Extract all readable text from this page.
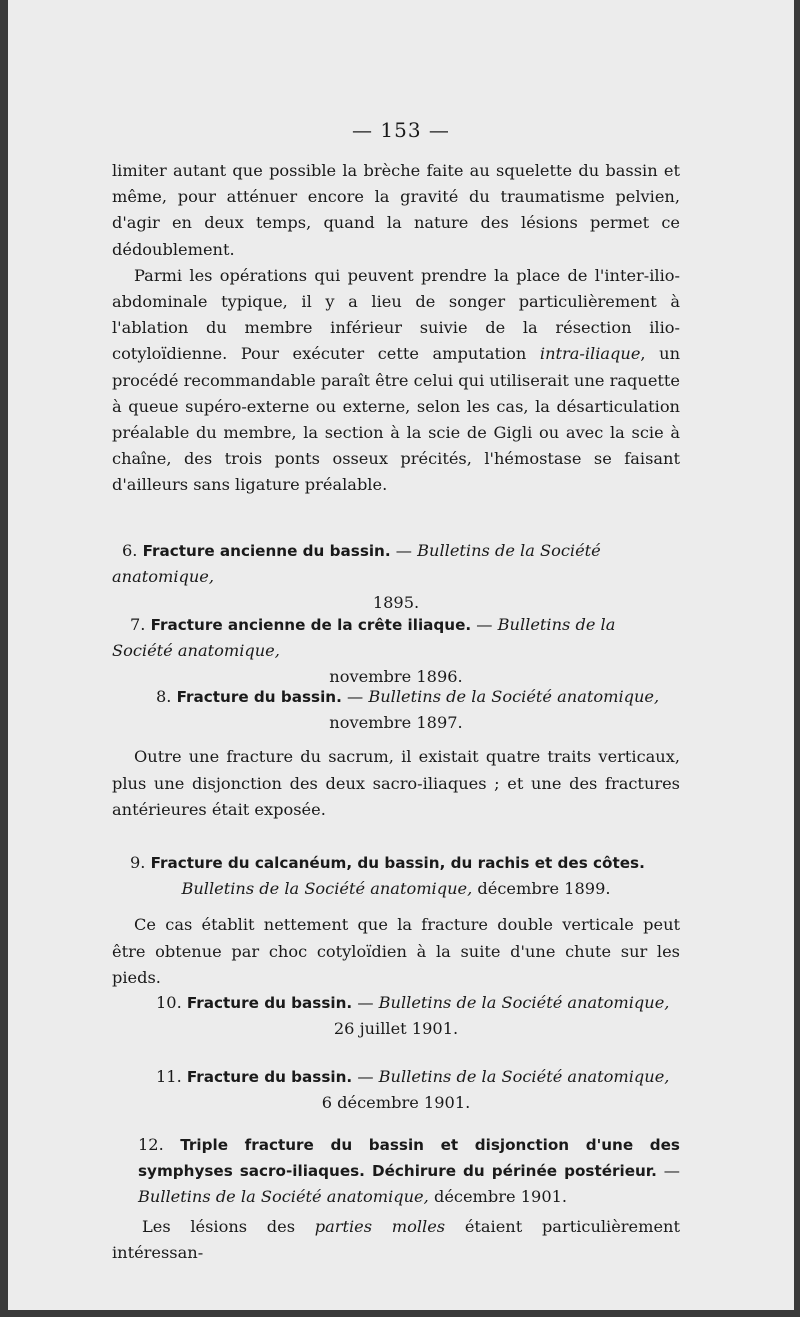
— 153 —

limiter autant que possible la brèche faite au squelette du bassin et même, pour atténuer encore la gravité du traumatisme pelvien, d'agir en deux temps, quand la nature des lésions permet ce dédoublement.

Parmi les opérations qui peuvent prendre la place de l'inter-ilio-abdominale typique, il y a lieu de songer particulièrement à l'ablation du membre inférieur suivie de la résection ilio-cotyloïdienne. Pour exécuter cette amputation intra-iliaque, un procédé recommandable paraît être celui qui utiliserait une raquette à queue supéro-externe ou externe, selon les cas, la désarticulation préalable du membre, la section à la scie de Gigli ou avec la scie à chaîne, des trois ponts osseux précités, l'hémostase se faisant d'ailleurs sans ligature préalable.

6. Fracture ancienne du bassin. — Bulletins de la Société anatomique,

1895.

7. Fracture ancienne de la crête iliaque. — Bulletins de la Société anatomique,

novembre 1896.

8. Fracture du bassin. — Bulletins de la Société anatomique,

novembre 1897.

Outre une fracture du sacrum, il existait quatre traits verticaux, plus une disjonction des deux sacro-iliaques ; et une des fractures antérieures était exposée.

9. Fracture du calcanéum, du bassin, du rachis et des côtes.

Bulletins de la Société anatomique, décembre 1899.

Ce cas établit nettement que la fracture double verticale peut être obtenue par choc cotyloïdien à la suite d'une chute sur les pieds.

10. Fracture du bassin. — Bulletins de la Société anatomique,

26 juillet 1901.

11. Fracture du bassin. — Bulletins de la Société anatomique,

6 décembre 1901.

12. Triple fracture du bassin et disjonction d'une des symphyses sacro-iliaques. Déchirure du périnée postérieur. — Bulletins de la Société anatomique, décembre 1901.

Les lésions des parties molles étaient particulièrement intéressan-
